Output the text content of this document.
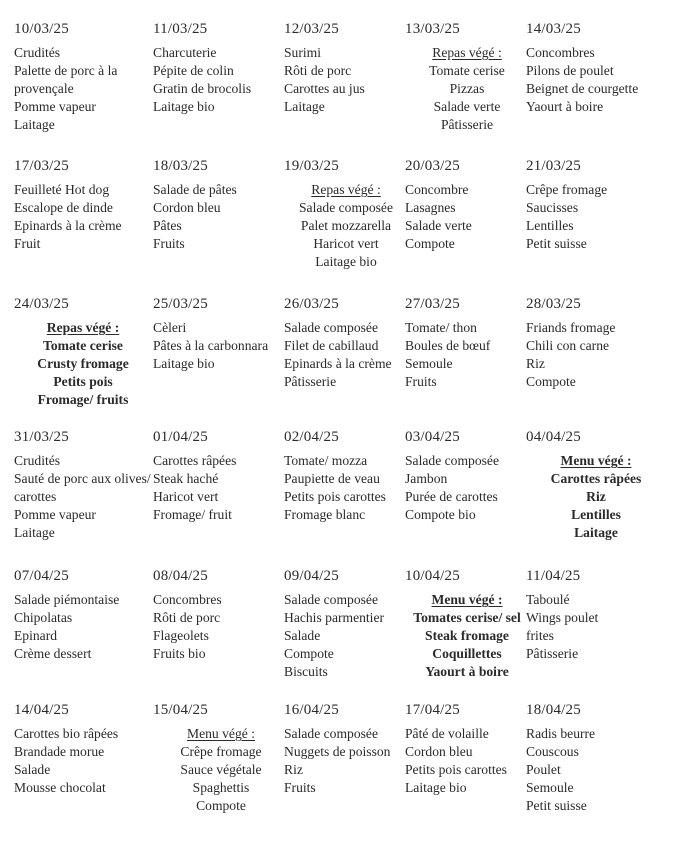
10/03/25
Crudités
Palette de porc à la provençale
Pomme vapeur
Laitage
11/03/25
Charcuterie
Pépite de colin
Gratin de brocolis
Laitage bio
12/03/25
Surimi
Rôti de porc
Carottes au jus
Laitage
13/03/25
Repas végé :
Tomate cerise
Pizzas
Salade verte
Pâtisserie
14/03/25
Concombres
Pilons de poulet
Beignet de courgette
Yaourt à boire
17/03/25
Feuilleté Hot dog
Escalope de dinde
Epinards à la crème
Fruit
18/03/25
Salade de pâtes
Cordon bleu
Pâtes
Fruits
19/03/25
Repas végé :
Salade composée
Palet mozzarella
Haricot vert
Laitage bio
20/03/25
Concombre
Lasagnes
Salade verte
Compote
21/03/25
Crêpe fromage
Saucisses
Lentilles
Petit suisse
24/03/25
Repas végé :
Tomate cerise
Crusty fromage
Petits pois
Fromage/ fruits
25/03/25
Cèleri
Pâtes à la carbonnara
Laitage bio
26/03/25
Salade composée
Filet de cabillaud
Epinards à la crème
Pâtisserie
27/03/25
Tomate/ thon
Boules de bœuf
Semoule
Fruits
28/03/25
Friands fromage
Chili con carne
Riz
Compote
31/03/25
Crudités
Sauté de porc aux olives/ carottes
Pomme vapeur
Laitage
01/04/25
Carottes râpées
Steak haché
Haricot vert
Fromage/ fruit
02/04/25
Tomate/ mozza
Paupiette de veau
Petits pois carottes
Fromage blanc
03/04/25
Salade composée
Jambon
Purée de carottes
Compote bio
04/04/25
Menu végé :
Carottes râpées
Riz
Lentilles
Laitage
07/04/25
Salade piémontaise
Chipolatas
Epinard
Crème dessert
08/04/25
Concombres
Rôti de porc
Flageolets
Fruits bio
09/04/25
Salade composée
Hachis parmentier
Salade
Compote
Biscuits
10/04/25
Menu végé :
Tomates cerise/ sel
Steak fromage
Coquillettes
Yaourt à boire
11/04/25
Taboulé
Wings poulet
frites
Pâtisserie
14/04/25
Carottes bio râpées
Brandade morue
Salade
Mousse chocolat
15/04/25
Menu végé :
Crêpe fromage
Sauce végétale
Spaghettis
Compote
16/04/25
Salade composée
Nuggets de poisson
Riz
Fruits
17/04/25
Pâté de volaille
Cordon bleu
Petits pois carottes
Laitage bio
18/04/25
Radis beurre
Couscous
Poulet
Semoule
Petit suisse
